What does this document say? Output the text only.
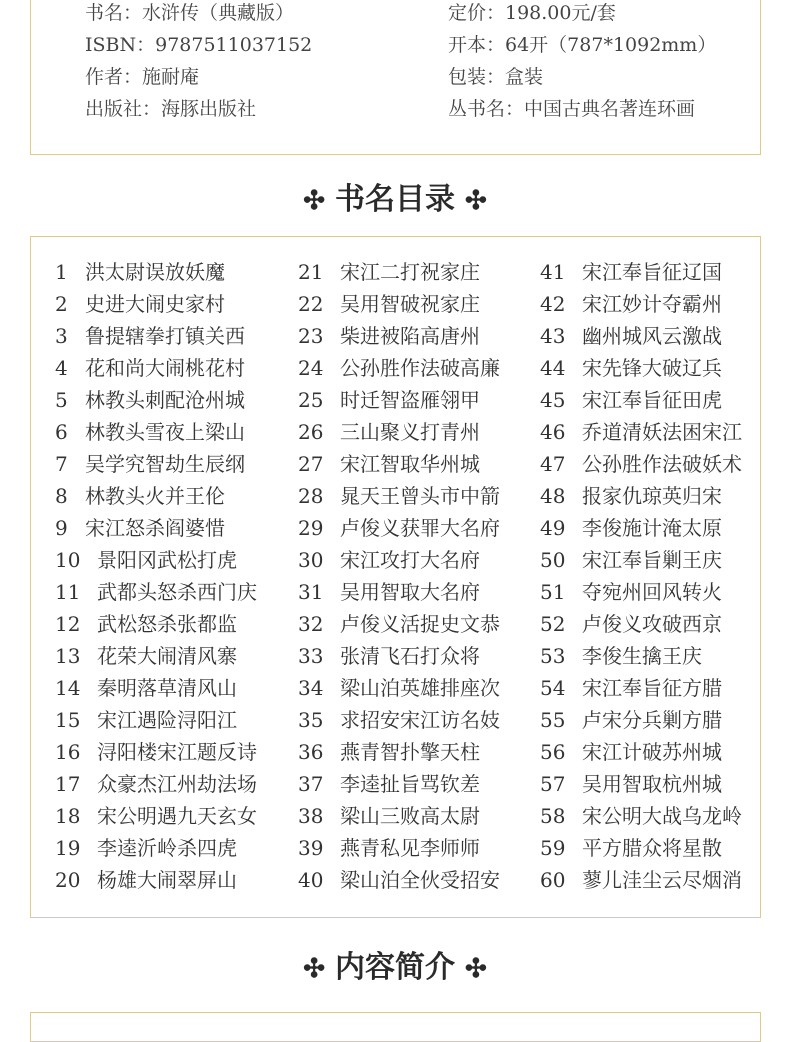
书名：水浒传（典藏版）
ISBN：9787511037152
作者：施耐庵
出版社：海豚出版社
定价：198.00元/套
开本：64开（787*1092mm）
包装：盒装
丛书名：中国古典名著连环画
✣ 书名目录 ✣
1 洪太尉误放妖魔
2 史进大闹史家村
3 鲁提辖拳打镇关西
4 花和尚大闹桃花村
5 林教头刺配沧州城
6 林教头雪夜上梁山
7 吴学究智劫生辰纲
8 林教头火并王伦
9 宋江怒杀阎婆惜
10 景阳冈武松打虎
11 武都头怒杀西门庆
12 武松怒杀张都监
13 花荣大闹清风寨
14 秦明落草清风山
15 宋江遇险浔阳江
16 浔阳楼宋江题反诗
17 众豪杰江州劫法场
18 宋公明遇九天玄女
19 李逵沂岭杀四虎
20 杨雄大闹翠屏山
21 宋江二打祝家庄
22 吴用智破祝家庄
23 柴进被陷高唐州
24 公孙胜作法破高廉
25 时迁智盗雁翎甲
26 三山聚义打青州
27 宋江智取华州城
28 晁天王曾头市中箭
29 卢俊义获罪大名府
30 宋江攻打大名府
31 吴用智取大名府
32 卢俊义活捉史文恭
33 张清飞石打众将
34 梁山泊英雄排座次
35 求招安宋江访名妓
36 燕青智扑擎天柱
37 李逵扯旨骂钦差
38 梁山三败高太尉
39 燕青私见李师师
40 梁山泊全伙受招安
41 宋江奉旨征辽国
42 宋江妙计夺霸州
43 幽州城风云激战
44 宋先锋大破辽兵
45 宋江奉旨征田虎
46 乔道清妖法困宋江
47 公孙胜作法破妖术
48 报家仇琼英归宋
49 李俊施计淹太原
50 宋江奉旨剿王庆
51 夺宛州回风转火
52 卢俊义攻破西京
53 李俊生擒王庆
54 宋江奉旨征方腊
55 卢宋分兵剿方腊
56 宋江计破苏州城
57 吴用智取杭州城
58 宋公明大战乌龙岭
59 平方腊众将星散
60 蓼儿洼尘云尽烟消
✣ 内容简介 ✣
